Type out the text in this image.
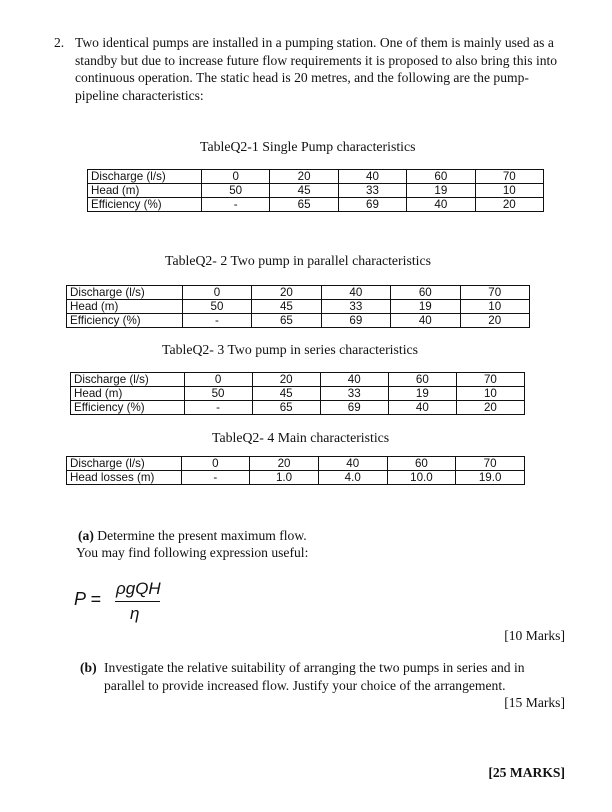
2. Two identical pumps are installed in a pumping station. One of them is mainly used as a standby but due to increase future flow requirements it is proposed to also bring this into continuous operation. The static head is 20 metres, and the following are the pump-pipeline characteristics:
TableQ2-1 Single Pump characteristics
Discharge (l/s)	0	20	40	60	70
Head (m)	50	45	33	19	10
Efficiency (%)	-	65	69	40	20
TableQ2- 2 Two pump in parallel characteristics
Discharge (l/s)	0	20	40	60	70
Head (m)	50	45	33	19	10
Efficiency (%)	-	65	69	40	20
TableQ2- 3 Two pump in series characteristics
Discharge (l/s)	0	20	40	60	70
Head (m)	50	45	33	19	10
Efficiency (%)	-	65	69	40	20
TableQ2- 4 Main characteristics
Discharge (l/s)	0	20	40	60	70
Head losses (m)	-	1.0	4.0	10.0	19.0
(a) Determine the present maximum flow.
You may find following expression useful:
P =
ρgQH
η
[10 Marks]
(b) Investigate the relative suitability of arranging the two pumps in series and in parallel to provide increased flow. Justify your choice of the arrangement.
[15 Marks]
[25 MARKS]
